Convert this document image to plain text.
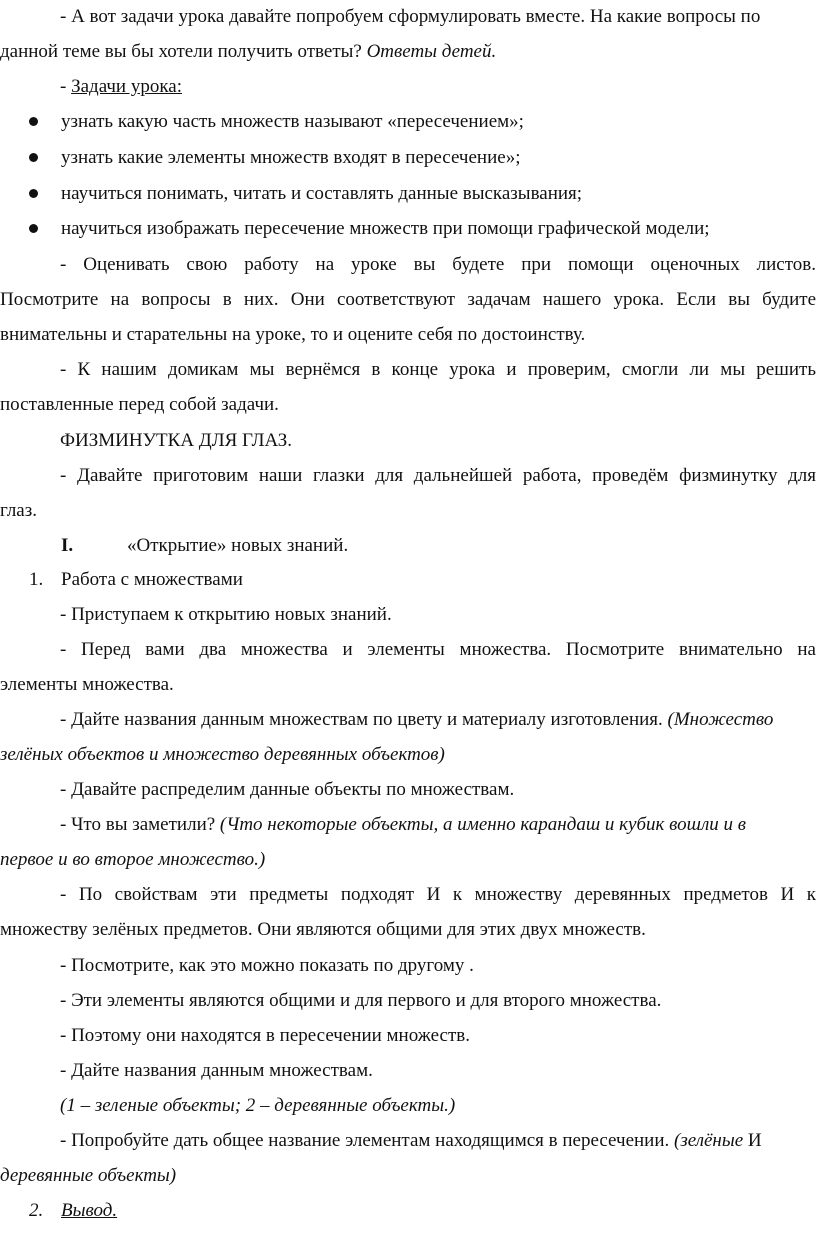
- А вот задачи урока давайте попробуем сформулировать вместе. На какие вопросы по
данной теме вы бы хотели получить ответы? Ответы детей.
- Задачи урока:
узнать какую часть множеств называют «пересечением»;
узнать какие элементы множеств входят в пересечение»;
научиться понимать, читать и составлять данные высказывания;
научиться изображать пересечение множеств при помощи графической модели;
- Оценивать свою работу на уроке вы будете при помощи оценочных листов.
Посмотрите на вопросы в них. Они соответствуют задачам нашего урока. Если вы будите
внимательны и старательны на уроке, то и оцените себя по достоинству.
- К нашим домикам мы вернёмся в конце урока и проверим, смогли ли мы решить
поставленные перед собой задачи.
ФИЗМИНУТКА ДЛЯ ГЛАЗ.
- Давайте приготовим наши глазки для дальнейшей работа, проведём физминутку для
глаз.
I.	«Открытие» новых знаний.
1. Работа с множествами
- Приступаем к открытию новых знаний.
- Перед вами два множества и элементы множества. Посмотрите внимательно на
элементы множества.
- Дайте названия данным множествам по цвету и материалу изготовления. (Множество
зелёных объектов и множество деревянных объектов)
- Давайте распределим данные объекты по множествам.
- Что вы заметили? (Что некоторые объекты, а именно карандаш и кубик вошли и в
первое и во второе множество.)
- По свойствам эти предметы подходят И к множеству деревянных предметов И к
множеству зелёных предметов. Они являются общими для этих двух множеств.
- Посмотрите, как это можно показать по другому .
- Эти элементы являются общими и для первого и для второго множества.
- Поэтому они находятся в пересечении множеств.
- Дайте названия данным множествам.
(1 – зеленые объекты; 2 – деревянные объекты.)
- Попробуйте дать общее название элементам находящимся в пересечении. (зелёные И
деревянные объекты)
2. Вывод.
